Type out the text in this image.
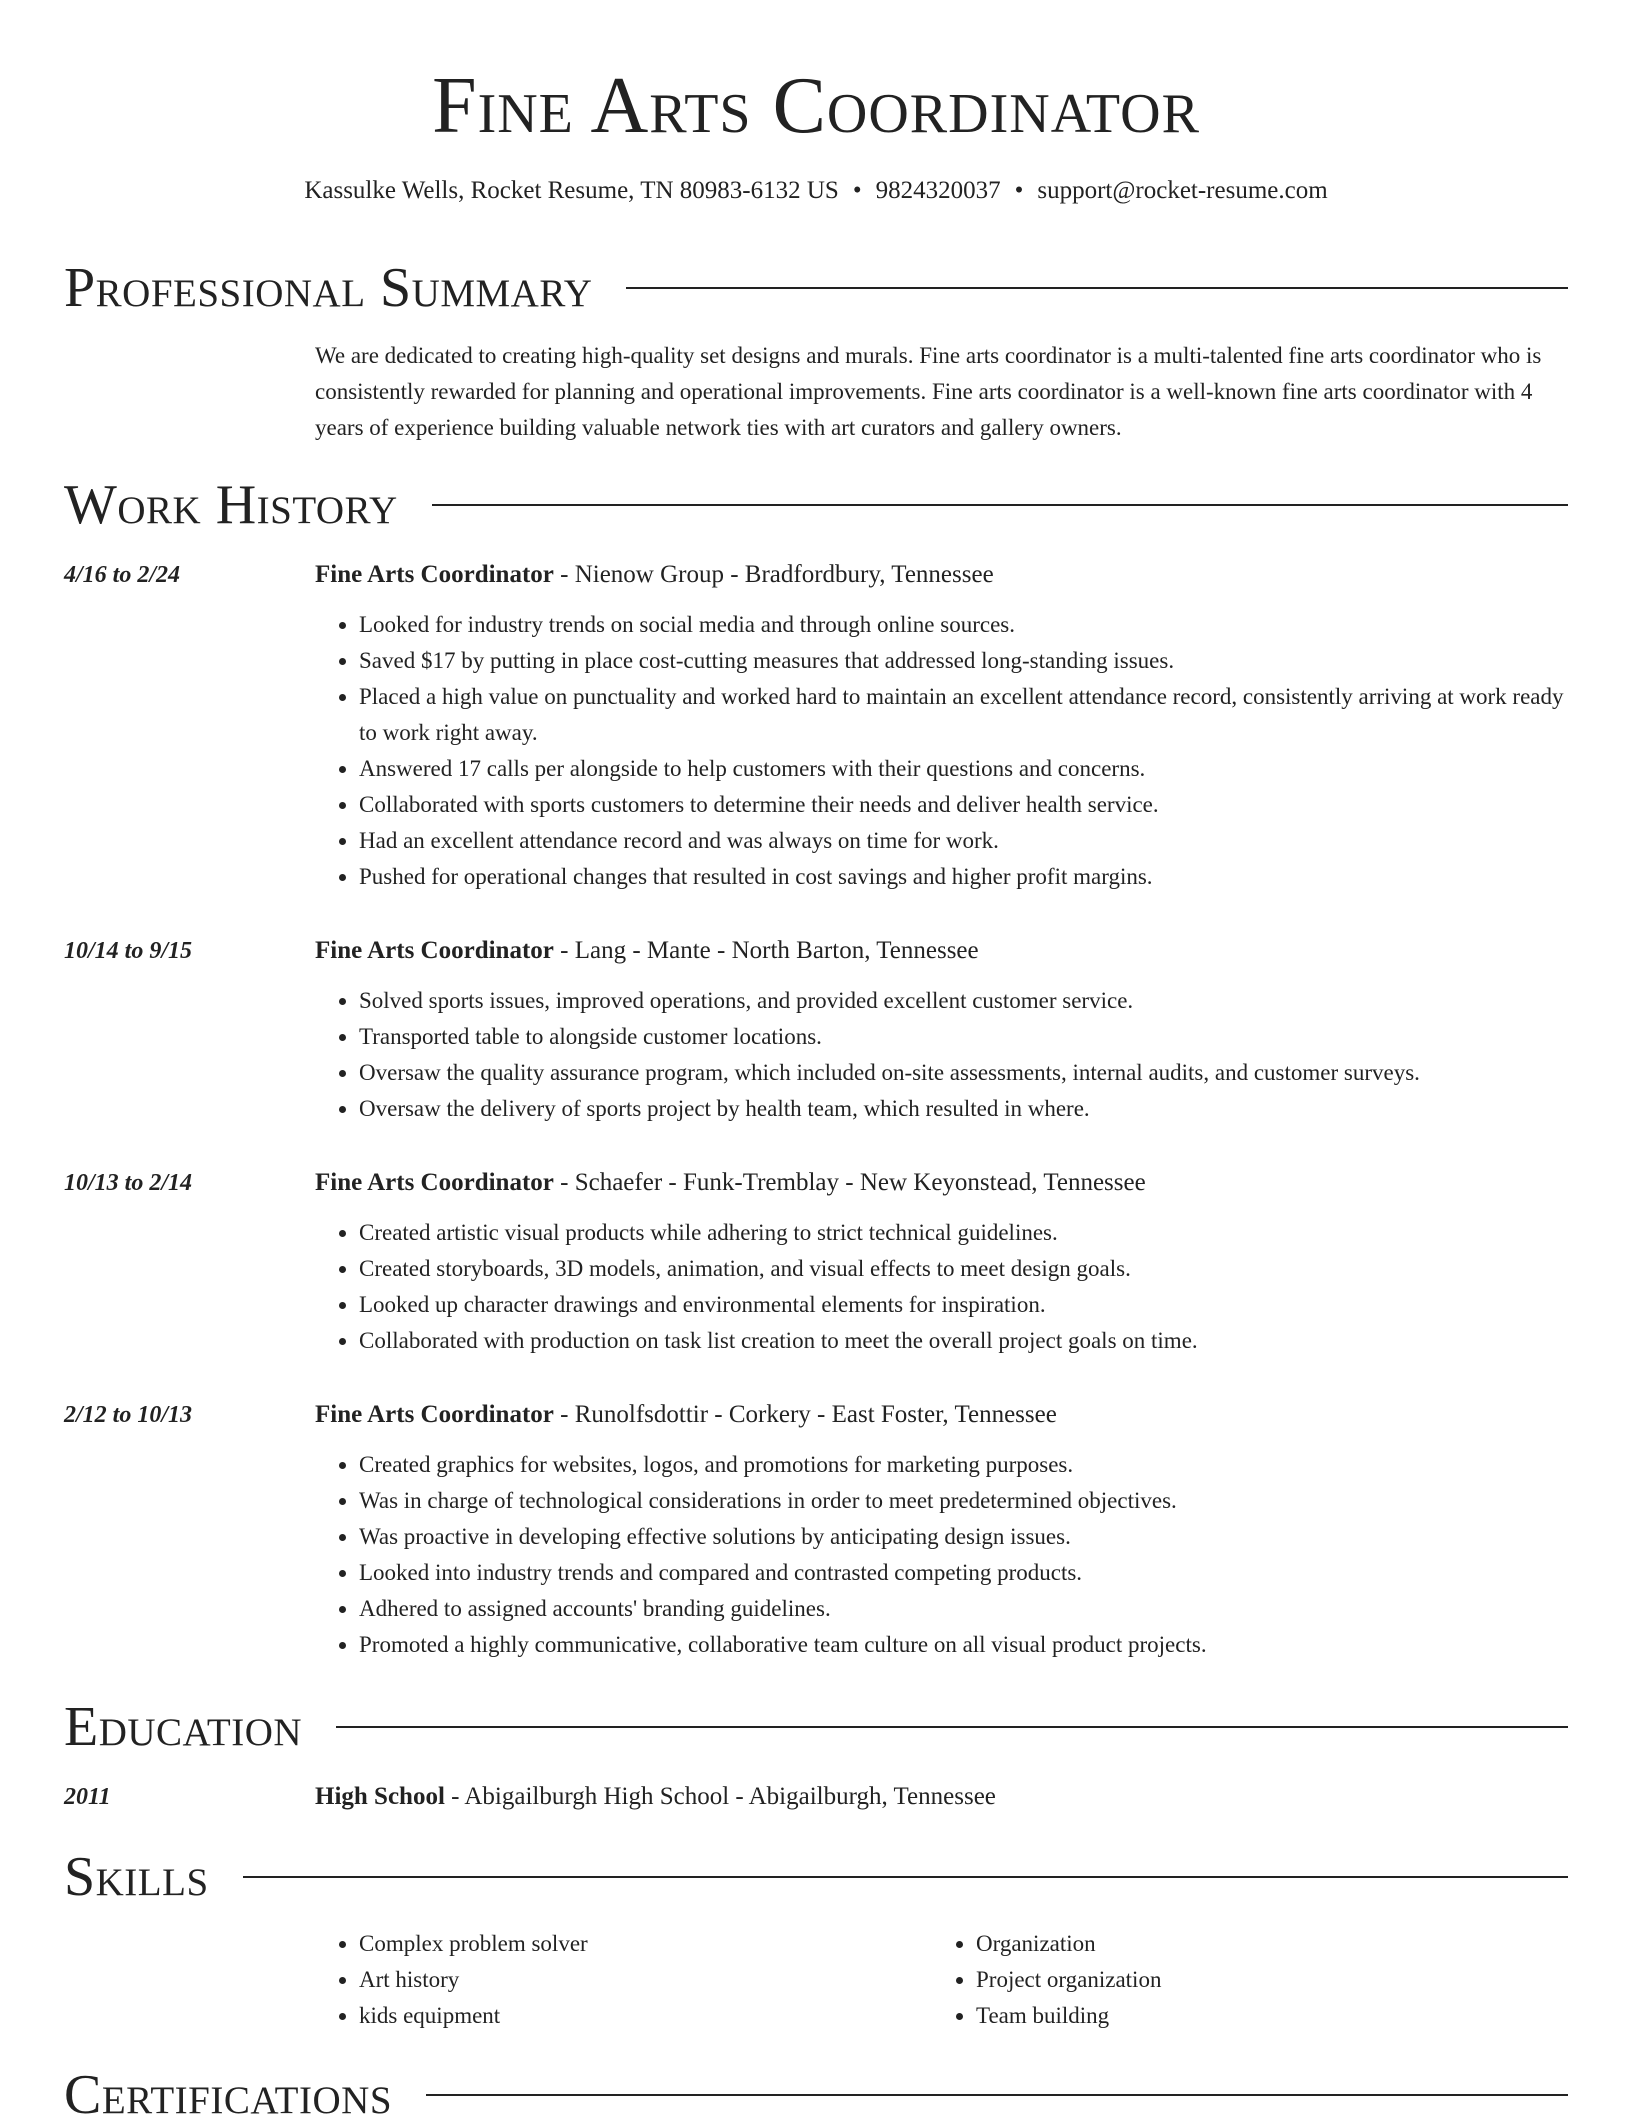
Fine Arts Coordinator
Kassulke Wells, Rocket Resume, TN 80983-6132 US • 9824320037 • support@rocket-resume.com
Professional Summary

We are dedicated to creating high-quality set designs and murals. Fine arts coordinator is a multi-talented fine arts coordinator who is consistently rewarded for planning and operational improvements. Fine arts coordinator is a well-known fine arts coordinator with 4 years of experience building valuable network ties with art curators and gallery owners.

Work History
4/16 to 2/24	Fine Arts Coordinator - Nienow Group - Bradfordbury, Tennessee
• Looked for industry trends on social media and through online sources.
• Saved $17 by putting in place cost-cutting measures that addressed long-standing issues.
• Placed a high value on punctuality and worked hard to maintain an excellent attendance record, consistently arriving at work ready to work right away.
• Answered 17 calls per alongside to help customers with their questions and concerns.
• Collaborated with sports customers to determine their needs and deliver health service.
• Had an excellent attendance record and was always on time for work.
• Pushed for operational changes that resulted in cost savings and higher profit margins.
10/14 to 9/15	Fine Arts Coordinator - Lang - Mante - North Barton, Tennessee
• Solved sports issues, improved operations, and provided excellent customer service.
• Transported table to alongside customer locations.
• Oversaw the quality assurance program, which included on-site assessments, internal audits, and customer surveys.
• Oversaw the delivery of sports project by health team, which resulted in where.
10/13 to 2/14	Fine Arts Coordinator - Schaefer - Funk-Tremblay - New Keyonstead, Tennessee
• Created artistic visual products while adhering to strict technical guidelines.
• Created storyboards, 3D models, animation, and visual effects to meet design goals.
• Looked up character drawings and environmental elements for inspiration.
• Collaborated with production on task list creation to meet the overall project goals on time.
2/12 to 10/13	Fine Arts Coordinator - Runolfsdottir - Corkery - East Foster, Tennessee
• Created graphics for websites, logos, and promotions for marketing purposes.
• Was in charge of technological considerations in order to meet predetermined objectives.
• Was proactive in developing effective solutions by anticipating design issues.
• Looked into industry trends and compared and contrasted competing products.
• Adhered to assigned accounts' branding guidelines.
• Promoted a highly communicative, collaborative team culture on all visual product projects.
Education
2011	High School - Abigailburgh High School - Abigailburgh, Tennessee
Skills
• Complex problem solver
• Art history
• kids equipment
• Organization
• Project organization
• Team building
Certifications
